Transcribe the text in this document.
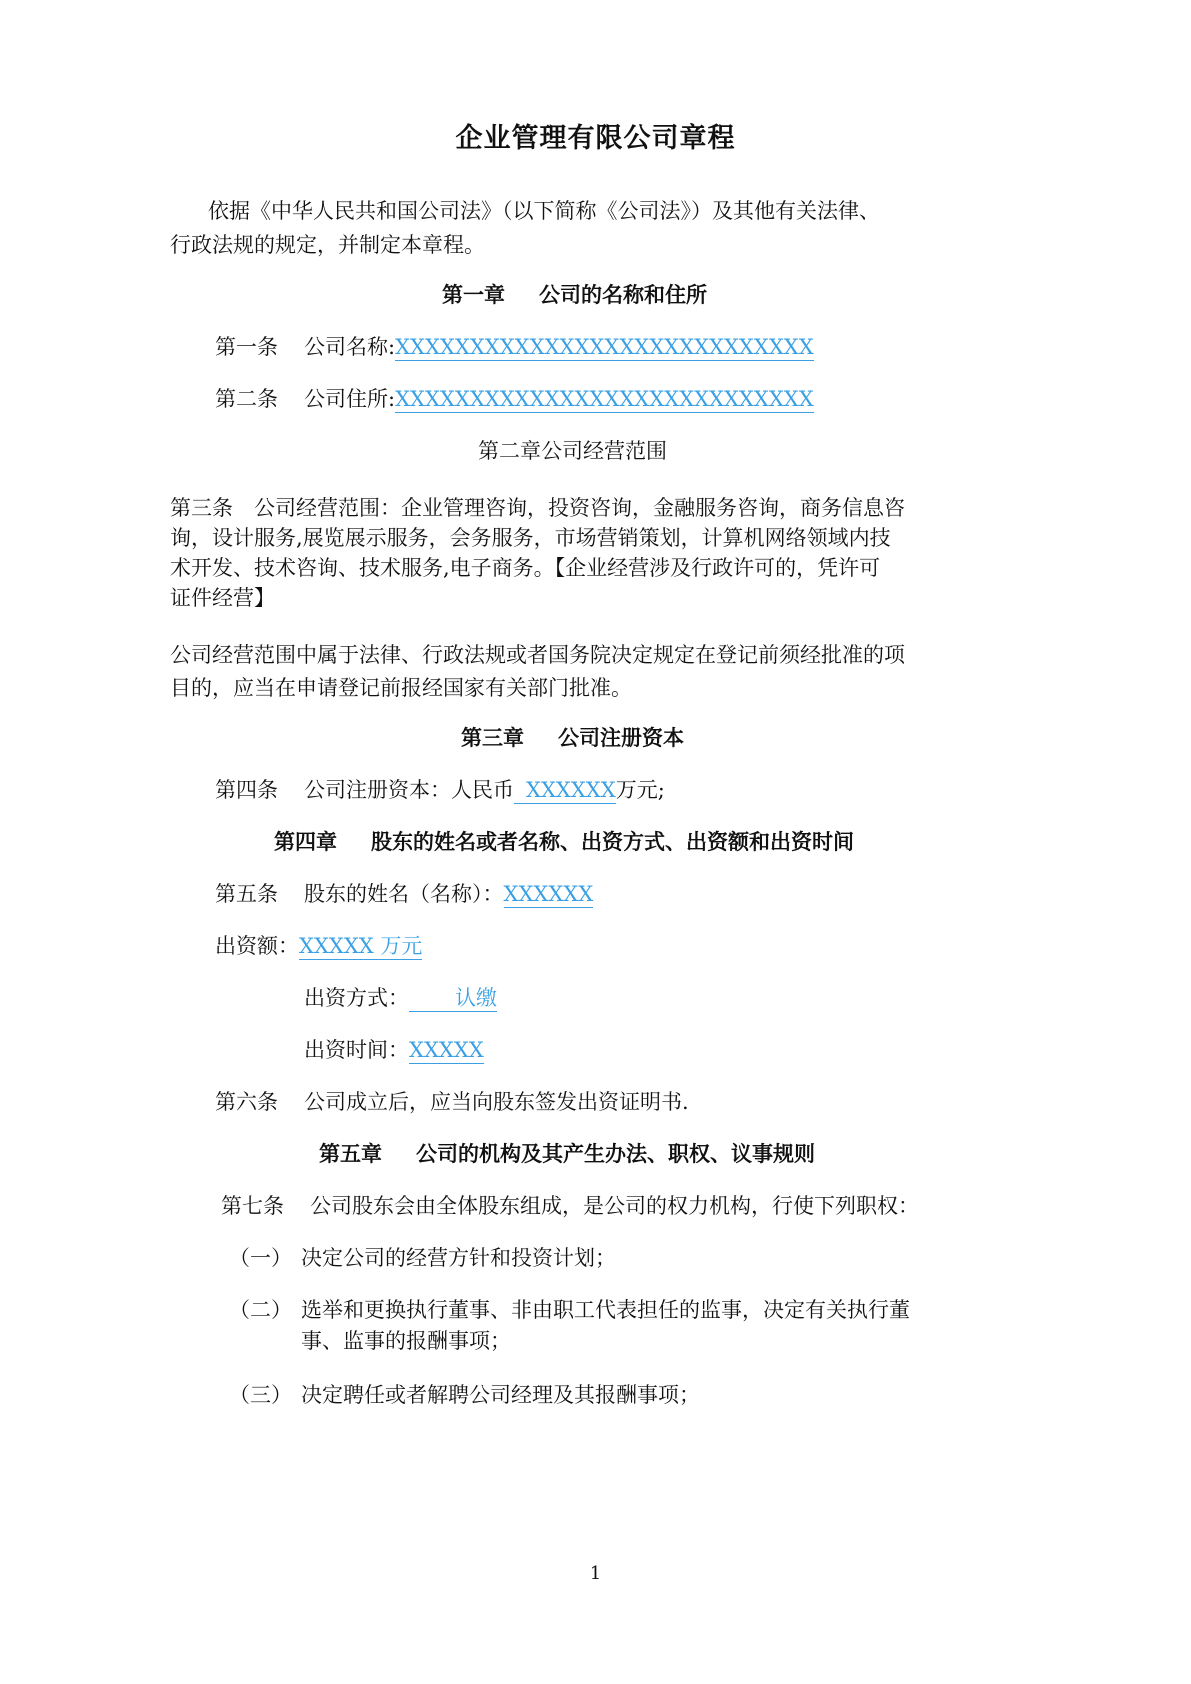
企业管理有限公司章程

依据《中华人民共和国公司法》（以下简称《公司法》）及其他有关法律、

行政法规的规定，并制定本章程。

第一章 公司的名称和住所

第一条 公司名称:XXXXXXXXXXXXXXXXXXXXXXXXXXXX

第二条 公司住所:XXXXXXXXXXXXXXXXXXXXXXXXXXXX

第二章公司经营范围

第三条　公司经营范围：企业管理咨询，投资咨询，金融服务咨询，商务信息咨

询，设计服务,展览展示服务，会务服务，市场营销策划，计算机网络领域内技

术开发、技术咨询、技术服务,电子商务。【企业经营涉及行政许可的，凭许可

证件经营】

公司经营范围中属于法律、行政法规或者国务院决定规定在登记前须经批准的项

目的，应当在申请登记前报经国家有关部门批准。

第三章 公司注册资本

第四条 公司注册资本：人民币 XXXXXX万元;

第四章 股东的姓名或者名称、出资方式、出资额和出资时间

第五条 股东的姓名（名称）：XXXXXX

出资额：XXXXX 万元

出资方式： 认缴

出资时间：XXXXX

第六条 公司成立后，应当向股东签发出资证明书.

第五章 公司的机构及其产生办法、职权、议事规则

第七条 公司股东会由全体股东组成，是公司的权力机构，行使下列职权：

（一） 决定公司的经营方针和投资计划；
（二） 选举和更换执行董事、非由职工代表担任的监事，决定有关执行董事、监事的报酬事项；
（三） 决定聘任或者解聘公司经理及其报酬事项；
1
